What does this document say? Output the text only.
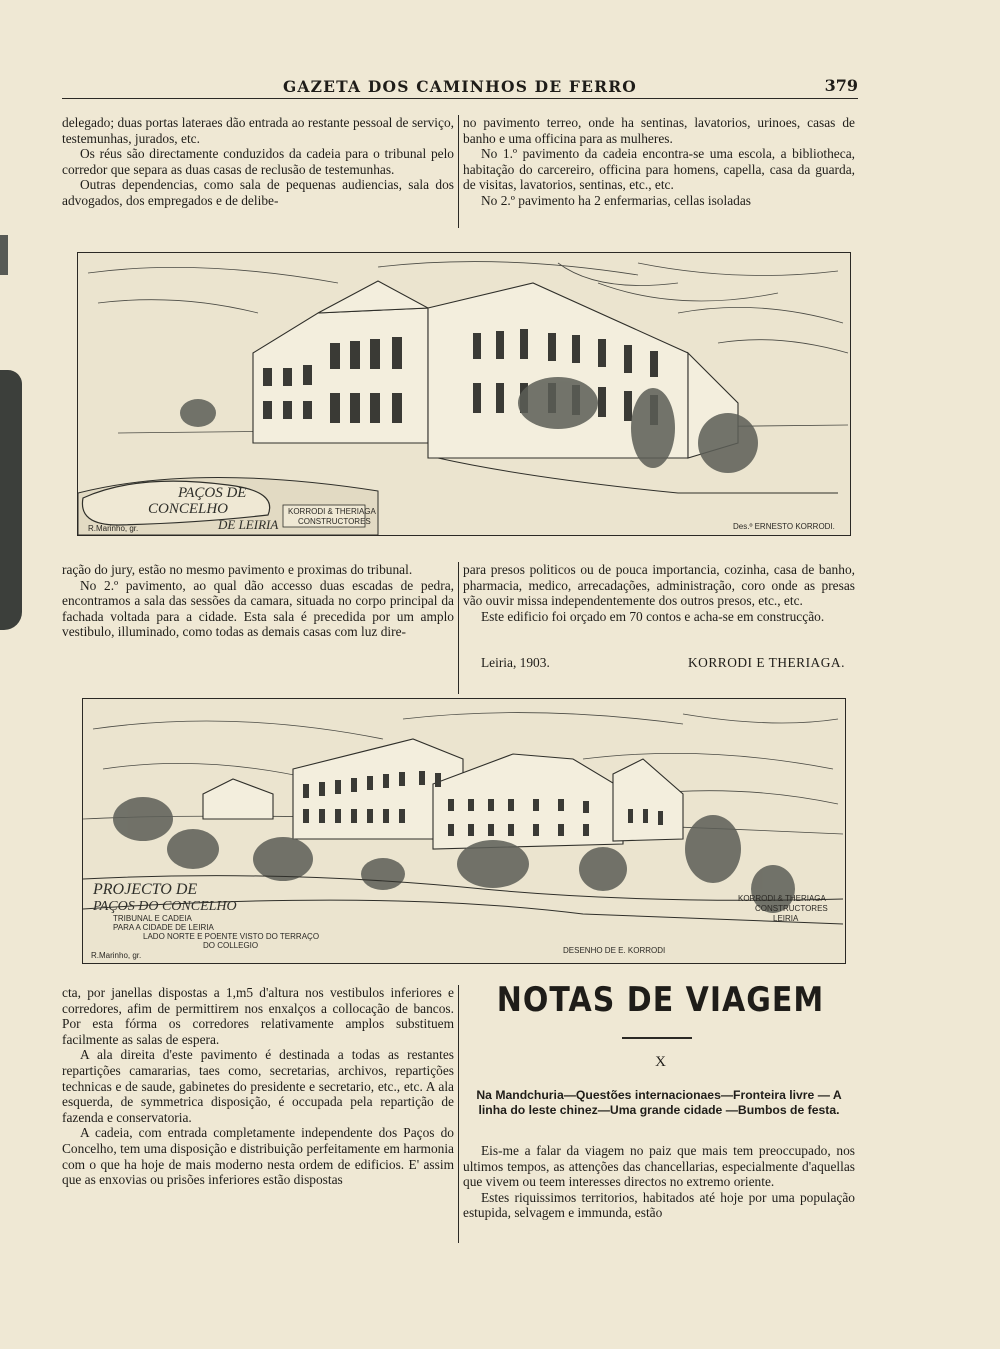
GAZETA DOS CAMINHOS DE FERRO	379

delegado; duas portas lateraes dão entrada ao restante pessoal de serviço, testemunhas, jurados, etc.

Os réus são directamente conduzidos da cadeia para o tribunal pelo corredor que separa as duas casas de reclusão de testemunhas.

Outras dependencias, como sala de pequenas audiencias, sala dos advogados, dos empregados e de delibe-

no pavimento terreo, onde ha sentinas, lavatorios, urinoes, casas de banho e uma officina para as mulheres.

No 1.º pavimento da cadeia encontra-se uma escola, a bibliotheca, habitação do carcereiro, officina para homens, capella, casa da guarda, de visitas, lavatorios, sentinas, etc., etc.

No 2.º pavimento ha 2 enfermarias, cellas isoladas

PAÇOS DE
CONCELHO
DE LEIRIA
KORRODI & THERIAGA
CONSTRUCTORES
R.Marinho, gr.	Des.º ERNESTO KORRODI.

ração do jury, estão no mesmo pavimento e proximas do tribunal.

No 2.º pavimento, ao qual dão accesso duas escadas de pedra, encontramos a sala das sessões da camara, situada no corpo principal da fachada voltada para a cidade. Esta sala é precedida por um amplo vestibulo, illuminado, como todas as demais casas com luz dire-

para presos politicos ou de pouca importancia, cozinha, casa de banho, pharmacia, medico, arrecadações, administração, coro onde as presas vão ouvir missa independentemente dos outros presos, etc., etc.

Este edificio foi orçado em 70 contos e acha-se em construcção.

Leiria, 1903.	KORRODI E THERIAGA.
PROJECTO DE
PAÇOS DO CONCELHO
TRIBUNAL E CADEIA
PARA A CIDADE DE LEIRIA
LADO NORTE E POENTE VISTO DO TERRAÇO
DO COLLEGIO
KORRODI & THERIAGA
CONSTRUCTORES
LEIRIA
R.Marinho, gr.
DESENHO DE E. KORRODI

cta, por janellas dispostas a 1,m5 d'altura nos vestibulos inferiores e corredores, afim de permittirem nos enxalços a collocação de bancos. Por esta fórma os corredores relativamente amplos substituem facilmente as salas de espera.

A ala direita d'este pavimento é destinada a todas as restantes repartições camararias, taes como, secretarias, archivos, repartições technicas e de saude, gabinetes do presidente e secretario, etc., etc. A ala esquerda, de symmetrica disposição, é occupada pela repartição de fazenda e conservatoria.

A cadeia, com entrada completamente independente dos Paços do Concelho, tem uma disposição e distribuição perfeitamente em harmonia com o que ha hoje de mais moderno nesta ordem de edificios. E' assim que as enxovias ou prisões inferiores estão dispostas

NOTAS DE VIAGEM
X
Na Mandchuria—Questões internacionaes—Fronteira livre — A linha do leste chinez—Uma grande cidade —Bumbos de festa.

Eis-me a falar da viagem no paiz que mais tem preoccupado, nos ultimos tempos, as attenções das chancellarias, especialmente d'aquellas que vivem ou teem interesses directos no extremo oriente.

Estes riquissimos territorios, habitados até hoje por uma população estupida, selvagem e immunda, estão
